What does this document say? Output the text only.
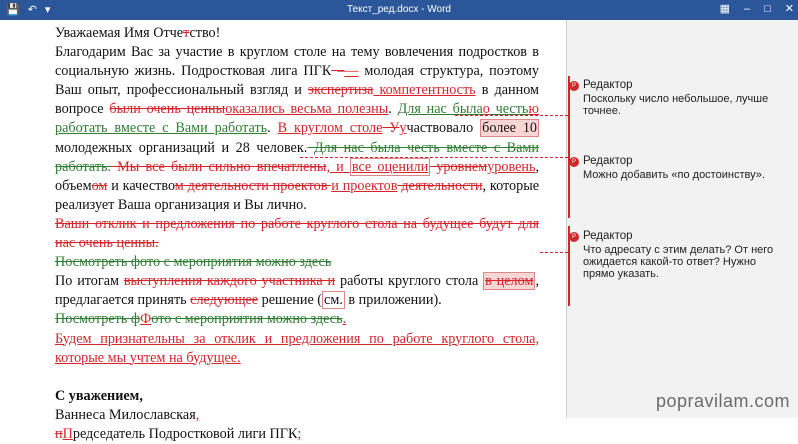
💾 ↶ ▾	Текст_ред.docx - Word	▦ – □ ✕

Уважаемая Имя Отчетство!

Благодарим Вас за участие в круглом столе на тему вовлечения подростков в социальную жизнь. Подростковая лига ПГК –— молодая структура, поэтому Ваш опыт, профессиональный взгляд и экспертиза компетентность в данном вопросе были очень ценныоказались весьма полезны. Для нас былао честью работать вместе с Вами работать. В круглом столе Уучаствовало более 10 молодежных организаций и 28 человек. Для нас была честь вместе с Вами работать. Мы все были сильно впечатлены, и все оценили уровнемуровень, объемом и качеством деятельности проектов и проектов деятельности, которые реализует Ваша организация и Вы лично.

Ваши отклик и предложения по работе круглого стола на будущее будут для нас очень ценны.

Посмотреть фото с мероприятия можно здесь

По итогам выступления каждого участника и работы круглого стола в целом , предлагается принять следующее решение ( см. в приложении).

Посмотреть фФото с мероприятия можно здесь.

Будем признательны за отклик и предложения по работе круглого стола, которые мы учтем на будущее.

С уважением,

Ваннеса Милославская,

пПредседатель Подростковой лиги ПГК;

Р Редактор
Поскольку число небольшое, лучше точнее.
Р Редактор
Можно добавить «по достоинству».
Р Редактор
Что адресату с этим делать? От него ожидается какой-то ответ? Нужно прямо указать.
popravilam.com
